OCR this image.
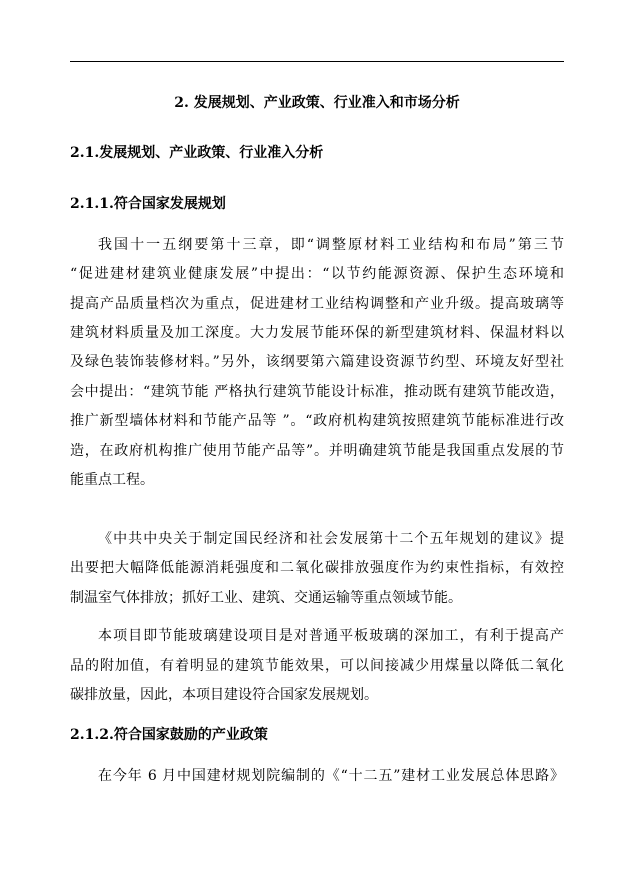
2. 发展规划、产业政策、行业准入和市场分析
2.1.发展规划、产业政策、行业准入分析
2.1.1.符合国家发展规划
我国十一五纲要第十三章，即“调整原材料工业结构和布局”第三节
“促进建材建筑业健康发展”中提出：“以节约能源资源、保护生态环境和
提高产品质量档次为重点，促进建材工业结构调整和产业升级。提高玻璃等
建筑材料质量及加工深度。大力发展节能环保的新型建筑材料、保温材料以
及绿色装饰装修材料。”另外，该纲要第六篇建设资源节约型、环境友好型社
会中提出：“建筑节能 严格执行建筑节能设计标准，推动既有建筑节能改造，
推广新型墙体材料和节能产品等 ”。“政府机构建筑按照建筑节能标准进行改
造，在政府机构推广使用节能产品等”。并明确建筑节能是我国重点发展的节
能重点工程。
《中共中央关于制定国民经济和社会发展第十二个五年规划的建议》提
出要把大幅降低能源消耗强度和二氧化碳排放强度作为约束性指标，有效控
制温室气体排放；抓好工业、建筑、交通运输等重点领域节能。
本项目即节能玻璃建设项目是对普通平板玻璃的深加工，有利于提高产
品的附加值，有着明显的建筑节能效果，可以间接减少用煤量以降低二氧化
碳排放量，因此，本项目建设符合国家发展规划。
2.1.2.符合国家鼓励的产业政策
在今年 6 月中国建材规划院编制的《“十二五”建材工业发展总体思路》
